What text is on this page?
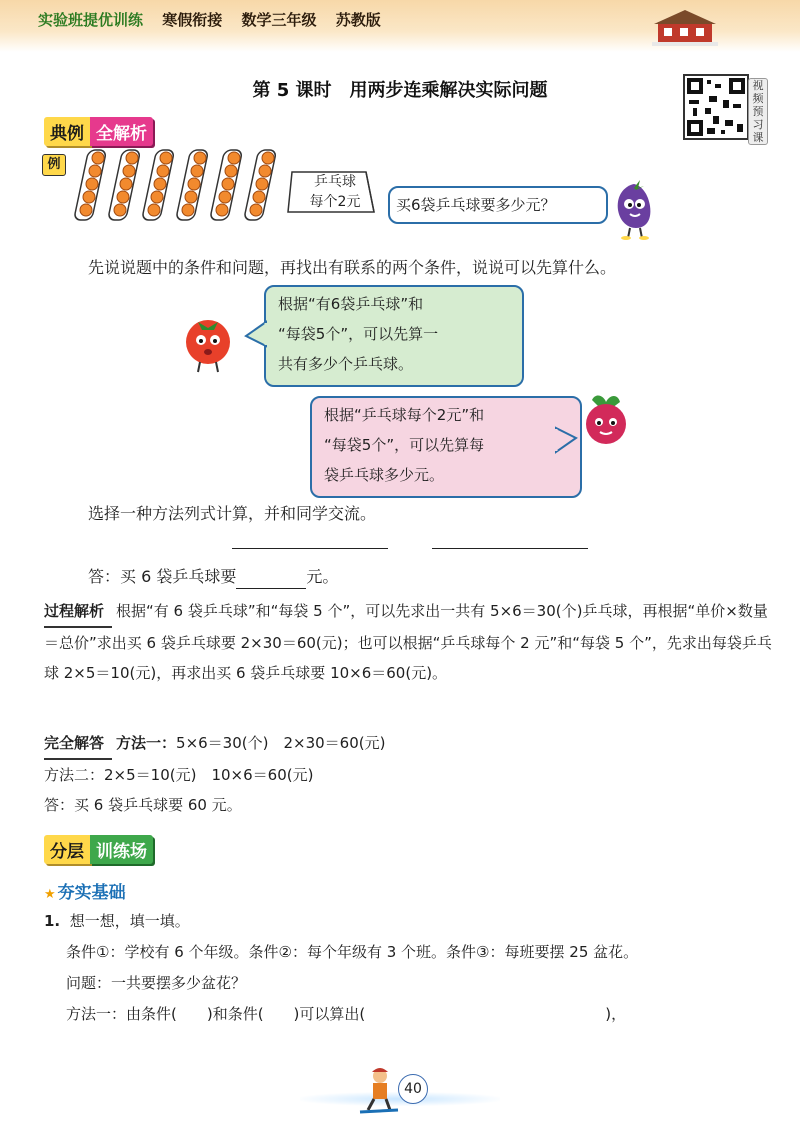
实验班提优训练 寒假衔接 数学三年级 苏教版
第 5 课时　用两步连乘解决实际问题	视频预习课
典例 全解析
例
乒乓球
每个2元	买6袋乒乓球要多少元？
先说说题中的条件和问题，再找出有联系的两个条件，说说可以先算什么。
根据“有6袋乒乓球”和
“每袋5个”，可以先算一
共有多少个乒乓球。
根据“乒乓球每个2元”和
“每袋5个”，可以先算每
袋乒乓球多少元。
选择一种方法列式计算，并和同学交流。
答：买 6 袋乒乓球要	元。
过程解析 根据“有 6 袋乒乓球”和“每袋 5 个”，可以先求出一共有 5×6＝30(个)乒乓球，再根据“单价×数量＝总价”求出买 6 袋乒乓球要 2×30＝60(元)；也可以根据“乒乓球每个 2 元”和“每袋 5 个”，先求出每袋乒乓球 2×5＝10(元)，再求出买 6 袋乒乓球要 10×6＝60(元)。
完全解答 方法一：5×6＝30(个)　2×30＝60(元)
方法二：2×5＝10(元)　10×6＝60(元)
答：买 6 袋乒乓球要 60 元。
分层 训练场
★ 夯实基础
1. 想一想，填一填。
条件①：学校有 6 个年级。条件②：每个年级有 3 个班。条件③：每班要摆 25 盆花。
问题：一共要摆多少盆花？
方法一：由条件(　　)和条件(　　)可以算出(　　　　　　　　　　　　　　　　)，
40
